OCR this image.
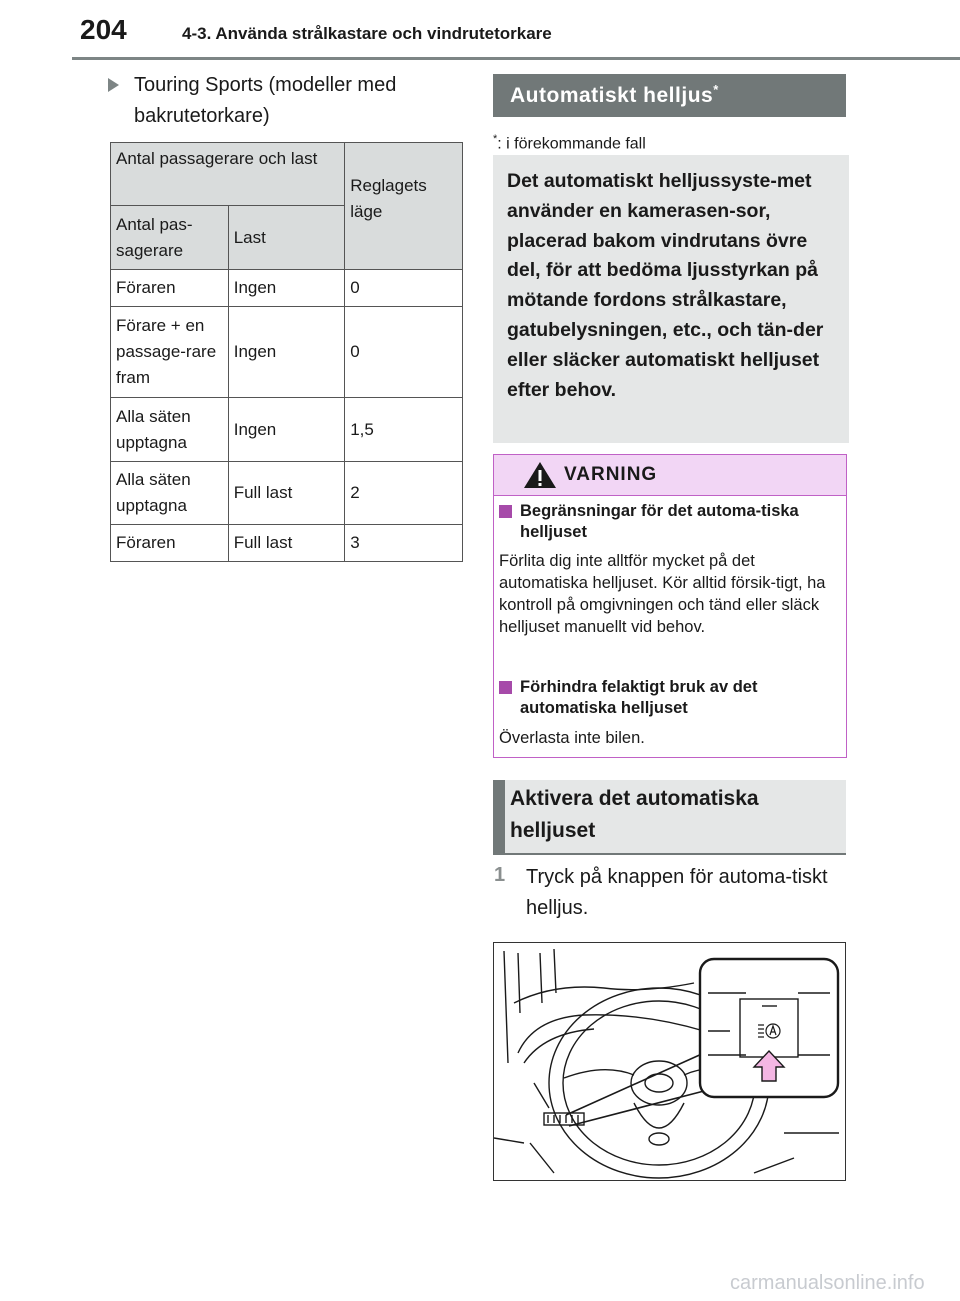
204	4-3. Använda strålkastare och vindrutetorkare
Touring Sports (modeller med bakrutetorkare)
Antal passagerare och last		Reglagets läge
Antal pas-sagerare	Last	
Föraren	Ingen	0
Förare + en passage-rare fram	Ingen	0
Alla säten upptagna	Ingen	1,5
Alla säten upptagna	Full last	2
Föraren	Full last	3
Automatiskt helljus*
*: i förekommande fall
Det automatiskt helljussyste-met använder en kamerasen-sor, placerad bakom vindrutans övre del, för att bedöma ljusstyrkan på mötande fordons strålkastare, gatubelysningen, etc., och tän-der eller släcker automatiskt helljuset efter behov.
VARNING
Begränsningar för det automa-tiska helljuset
Förlita dig inte alltför mycket på det automatiska helljuset. Kör alltid försik-tigt, ha kontroll på omgivningen och tänd eller släck helljuset manuellt vid behov.
Förhindra felaktigt bruk av det automatiska helljuset
Överlasta inte bilen.
Aktivera det automatiska helljuset
1 Tryck på knappen för automa-tiskt helljus.
carmanualsonline.info
